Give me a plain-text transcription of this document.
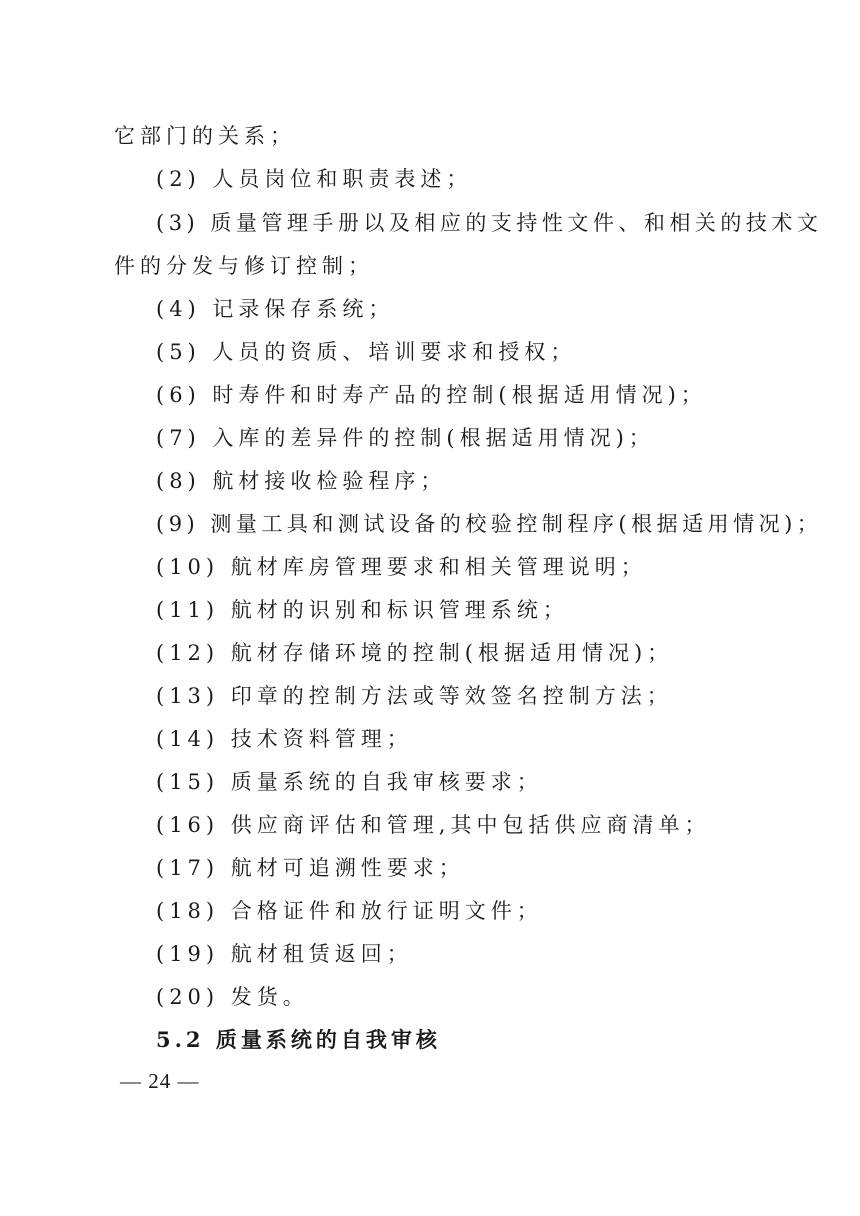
它部门的关系；
(2) 人员岗位和职责表述；
(3) 质量管理手册以及相应的支持性文件、和相关的技术文
件的分发与修订控制；
(4) 记录保存系统；
(5) 人员的资质、培训要求和授权；
(6) 时寿件和时寿产品的控制(根据适用情况)；
(7) 入库的差异件的控制(根据适用情况)；
(8) 航材接收检验程序；
(9) 测量工具和测试设备的校验控制程序(根据适用情况)；
(10) 航材库房管理要求和相关管理说明；
(11) 航材的识别和标识管理系统；
(12) 航材存储环境的控制(根据适用情况)；
(13) 印章的控制方法或等效签名控制方法；
(14) 技术资料管理；
(15) 质量系统的自我审核要求；
(16) 供应商评估和管理,其中包括供应商清单；
(17) 航材可追溯性要求；
(18) 合格证件和放行证明文件；
(19) 航材租赁返回；
(20) 发货。
5.2 质量系统的自我审核
— 24 —
